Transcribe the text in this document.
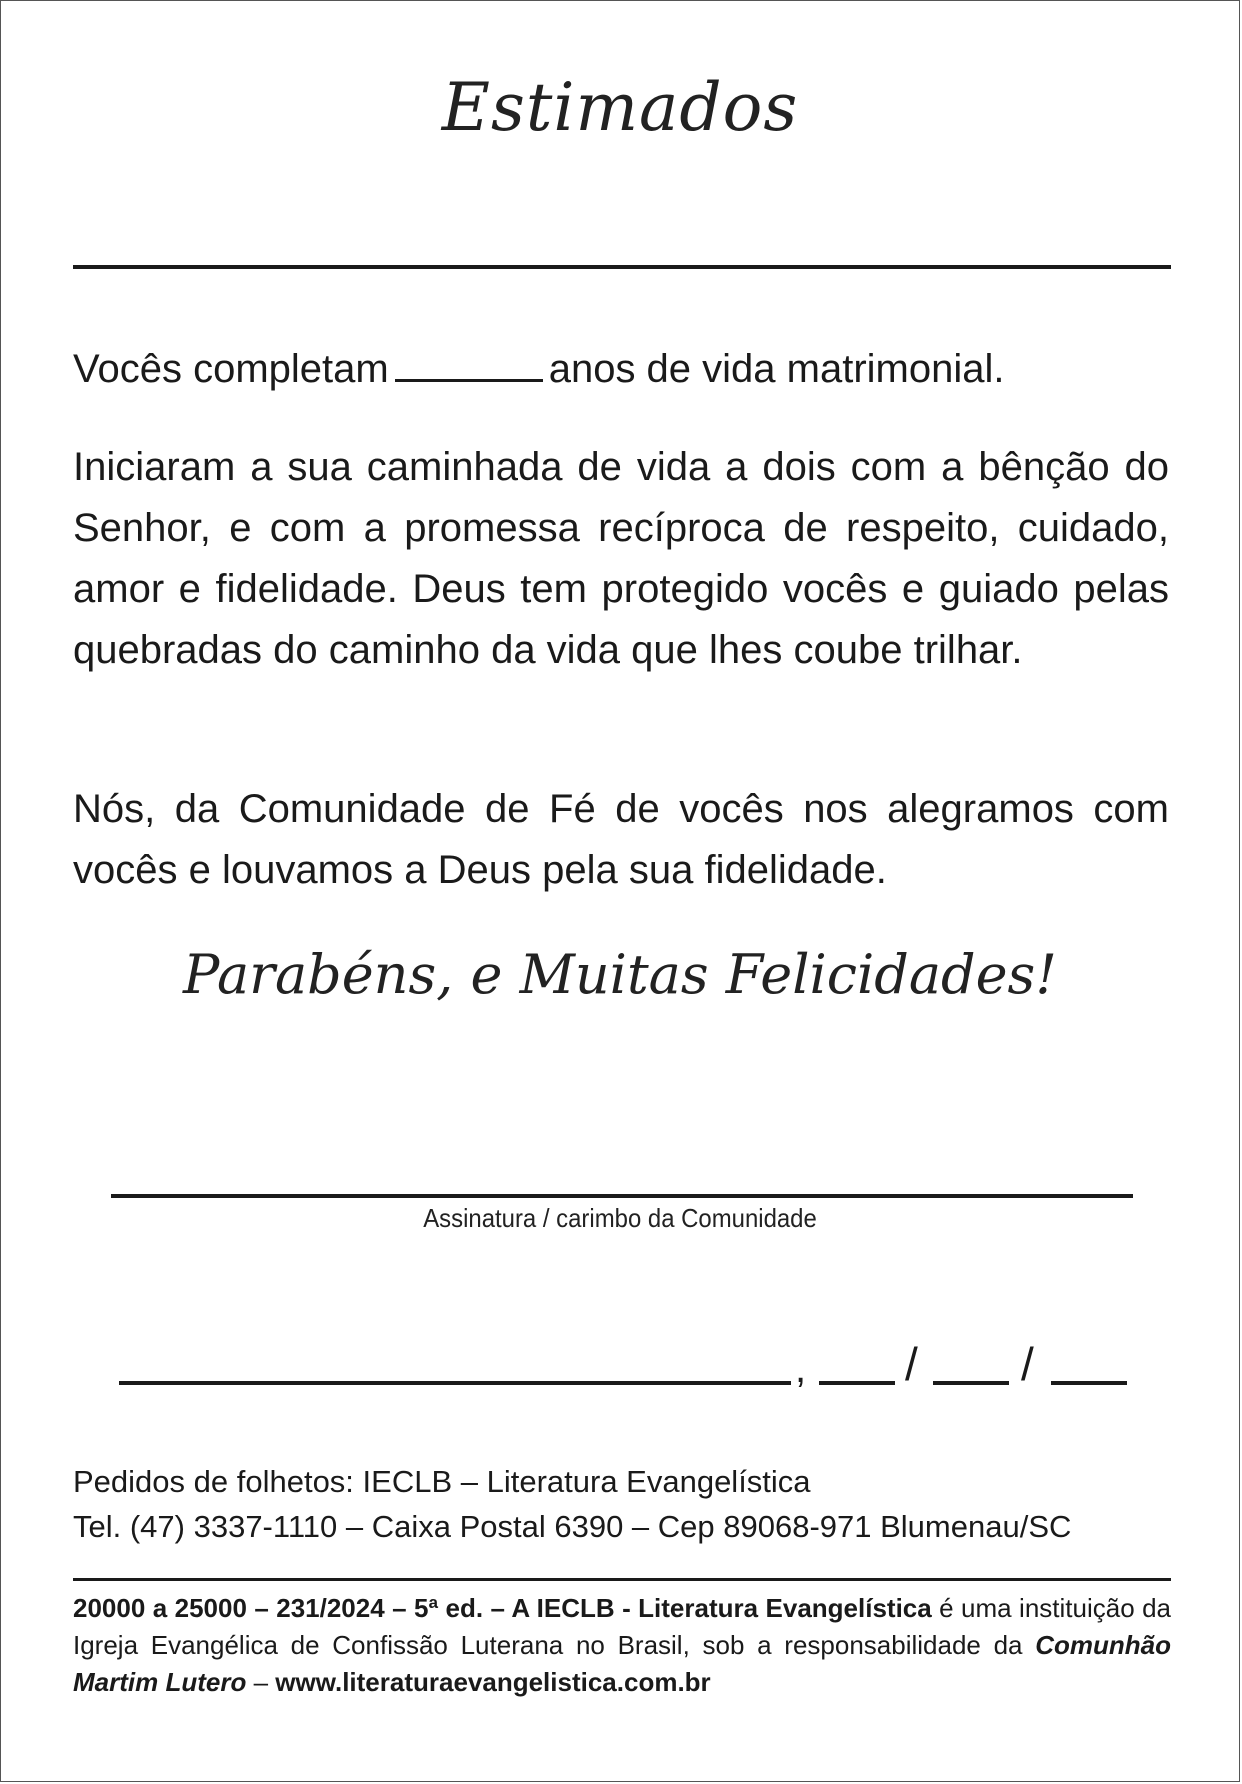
Estimados
Vocês completam	anos de vida matrimonial.
Iniciaram a sua caminhada de vida a dois com a bênção do Senhor, e com a promessa recíproca de respeito, cuidado, amor e fidelidade. Deus tem protegido vocês e guiado pelas quebradas do caminho da vida que lhes coube trilhar.
Nós, da Comunidade de Fé de vocês nos alegramos com vocês e louvamos a Deus pela sua fidelidade.
Parabéns, e Muitas Felicidades!
Assinatura / carimbo da Comunidade
, / /
Pedidos de folhetos: IECLB – Literatura Evangelística
Tel. (47) 3337-1110 – Caixa Postal 6390 – Cep 89068-971 Blumenau/SC
20000 a 25000 – 231/2024 – 5ª ed. – A IECLB - Literatura Evangelística é uma instituição da Igreja Evangélica de Confissão Luterana no Brasil, sob a responsabilidade da Comunhão Martim Lutero – www.literaturaevangelistica.com.br
